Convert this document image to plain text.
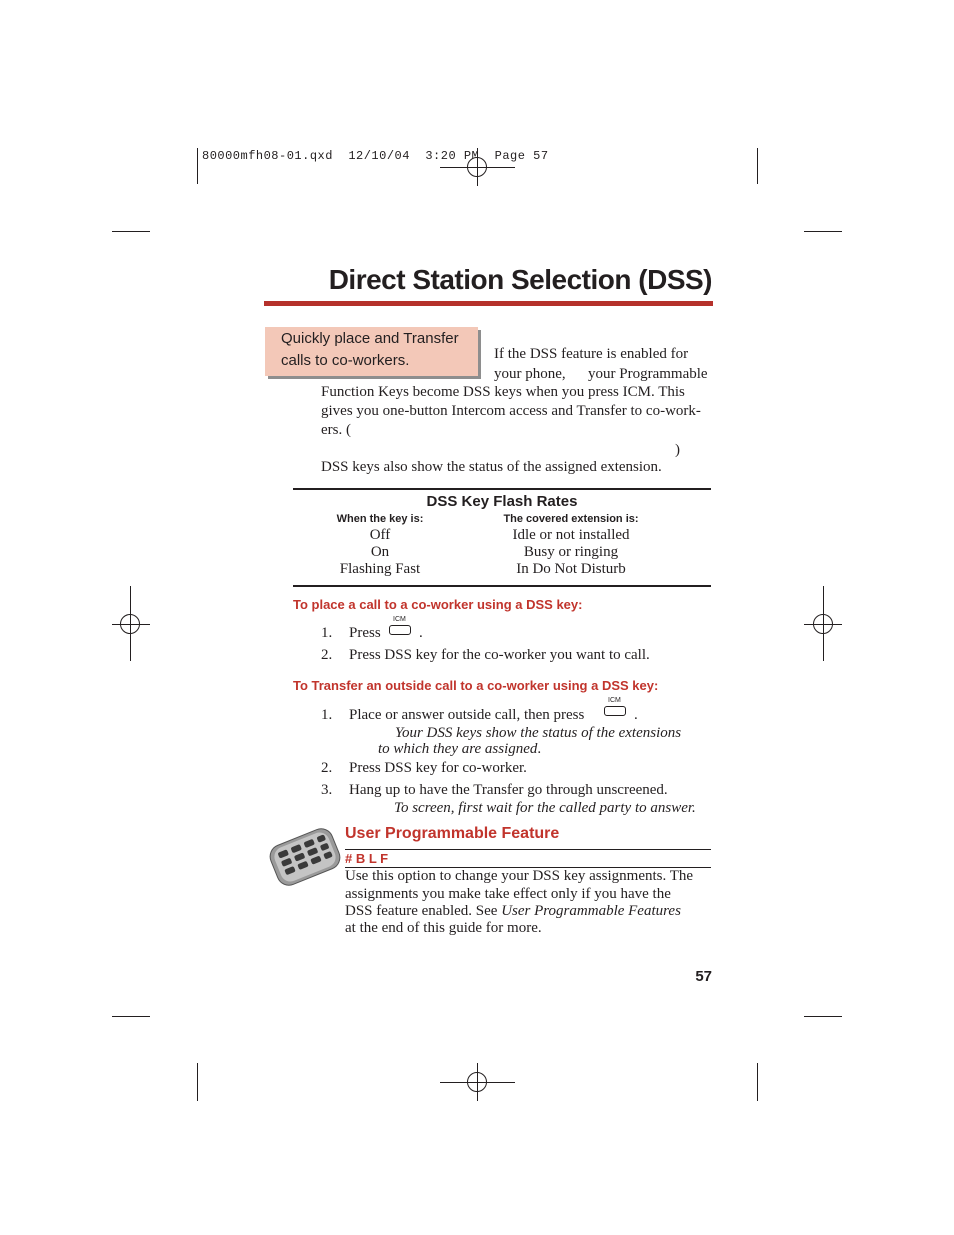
80000mfh08-01.qxd  12/10/04  3:20 PM  Page 57
Direct Station Selection (DSS)
Quickly place and Transfer
calls to co-workers.	If the DSS feature is enabled for
your phone, your Programmable
Function Keys become DSS keys when you press ICM. This
gives you one-button Intercom access and Transfer to co-work-
ers. (
)
DSS keys also show the status of the assigned extension.
DSS Key Flash Rates
When the key is:	The covered extension is:
Off	Idle or not installed
On	Busy or ringing
Flashing Fast	In Do Not Disturb
To place a call to a co-worker using a DSS key:
1. Press
ICM
.
2. Press DSS key for the co-worker you want to call.
To Transfer an outside call to a co-worker using a DSS key:
1. Place or answer outside call, then press
ICM
.
Your DSS keys show the status of the extensions
to which they are assigned.
2. Press DSS key for co-worker.
3. Hang up to have the Transfer go through unscreened.
To screen, first wait for the called party to answer.
User Programmable Feature
# B L F
Use this option to change your DSS key assignments. The
assignments you make take effect only if you have the
DSS feature enabled. See User Programmable Features
at the end of this guide for more.
57
